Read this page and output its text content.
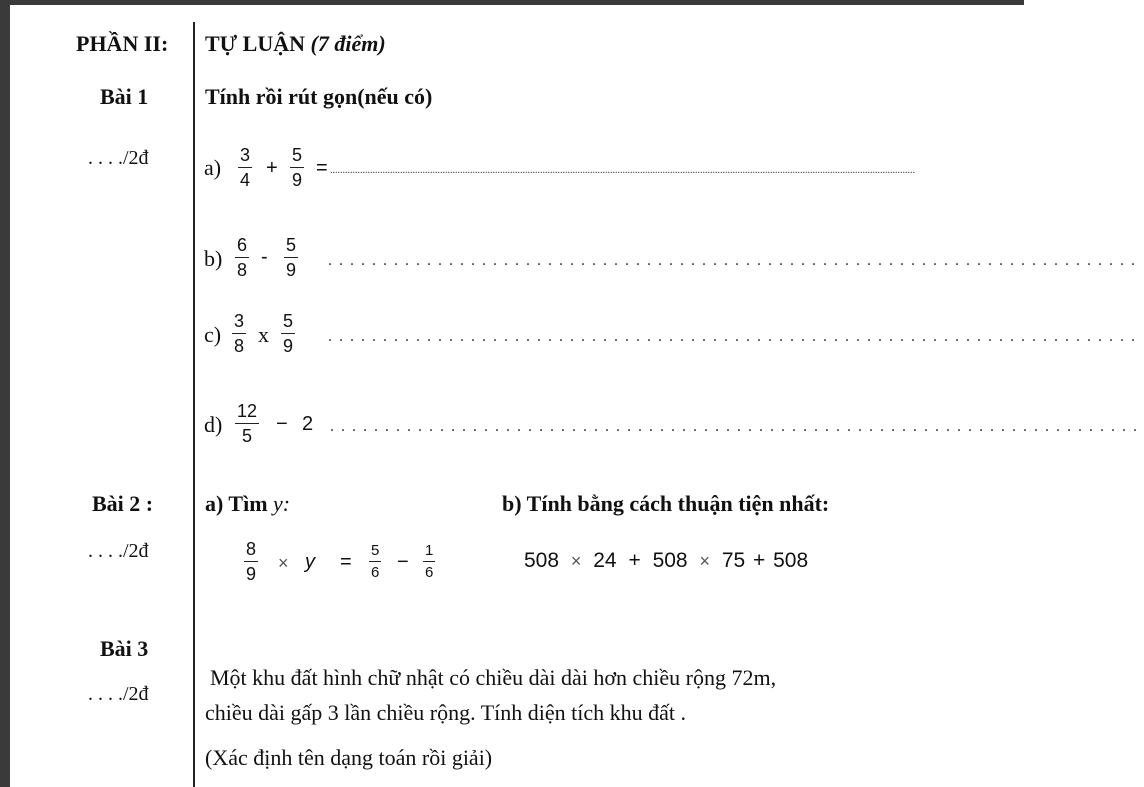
PHẦN II: TỰ LUẬN (7 điểm)
Bài 1	Tính rồi rút gọn(nếu có)
. . . ./2đ	a) 3
4
+
5
9
= ..........................................................................................................................................................................................................................................
b)
6
8
-
5
9 ..........................................................................
c)
3
8 x
5
9 ..........................................................................
d)
12
5
− 2 ..........................................................................
Bài 2 : a) Tìm y:	b) Tính bằng cách thuận tiện nhất:
. . . ./2đ	8
9
× y =
5
6 −
1
6
508 × 24 + 508 × 75 + 508
Bài 3
. . . ./2đ
Một khu đất hình chữ nhật có chiều dài dài hơn chiều rộng 72m,
chiều dài gấp 3 lần chiều rộng. Tính diện tích khu đất .
(Xác định tên dạng toán rồi giải)
